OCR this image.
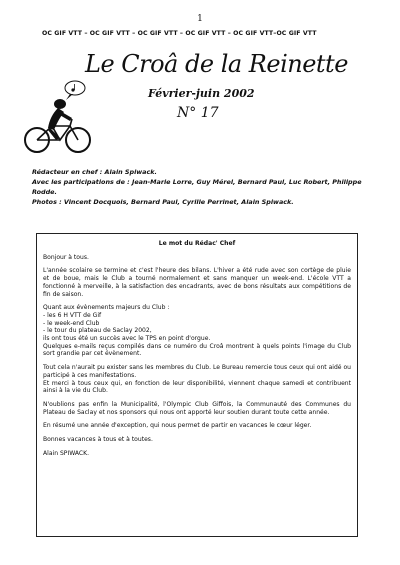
1
OC GIF VTT – OC GIF VTT – OC GIF VTT – OC GIF VTT – OC GIF VTT–OC GIF VTT
Le Croâ de la Reinette
Février-juin 2002
N° 17
Rédacteur en chef : Alain Spiwack.
Avec les participations de : Jean-Marie Lorre, Guy Mérel, Bernard Paul, Luc Robert, Philippe Rodde.
Photos : Vincent Docquois, Bernard Paul, Cyrille Perrinet, Alain Spiwack.
Le mot du Rédac' Chef

Bonjour à tous.

L'année scolaire se termine et c'est l'heure des bilans. L'hiver a été rude avec son cortège de pluie et de boue, mais le Club a tourné normalement et sans manquer un week-end. L'école VTT a fonctionné à merveille, à la satisfaction des encadrants, avec de bons résultats aux compétitions de fin de saison.

Quant aux évènements majeurs du Club :
- les 6 H VTT de Gif
- le week-end Club
- le tour du plateau de Saclay 2002,
ils ont tous été un succès avec le TPS en point d'orgue.
Quelques e-mails reçus compilés dans ce numéro du Croâ montrent à quels points l'image du Club sort grandie par cet évènement.

Tout cela n'aurait pu exister sans les membres du Club. Le Bureau remercie tous ceux qui ont aidé ou participé à ces manifestations.
Et merci à tous ceux qui, en fonction de leur disponibilité, viennent chaque samedi et contribuent ainsi à la vie du Club.

N'oublions pas enfin la Municipalité, l'Olympic Club Giffois, la Communauté des Communes du Plateau de Saclay et nos sponsors qui nous ont apporté leur soutien durant toute cette année.

En résumé une année d'exception, qui nous permet de partir en vacances le cœur léger.

Bonnes vacances à tous et à toutes.

Alain SPIWACK.
